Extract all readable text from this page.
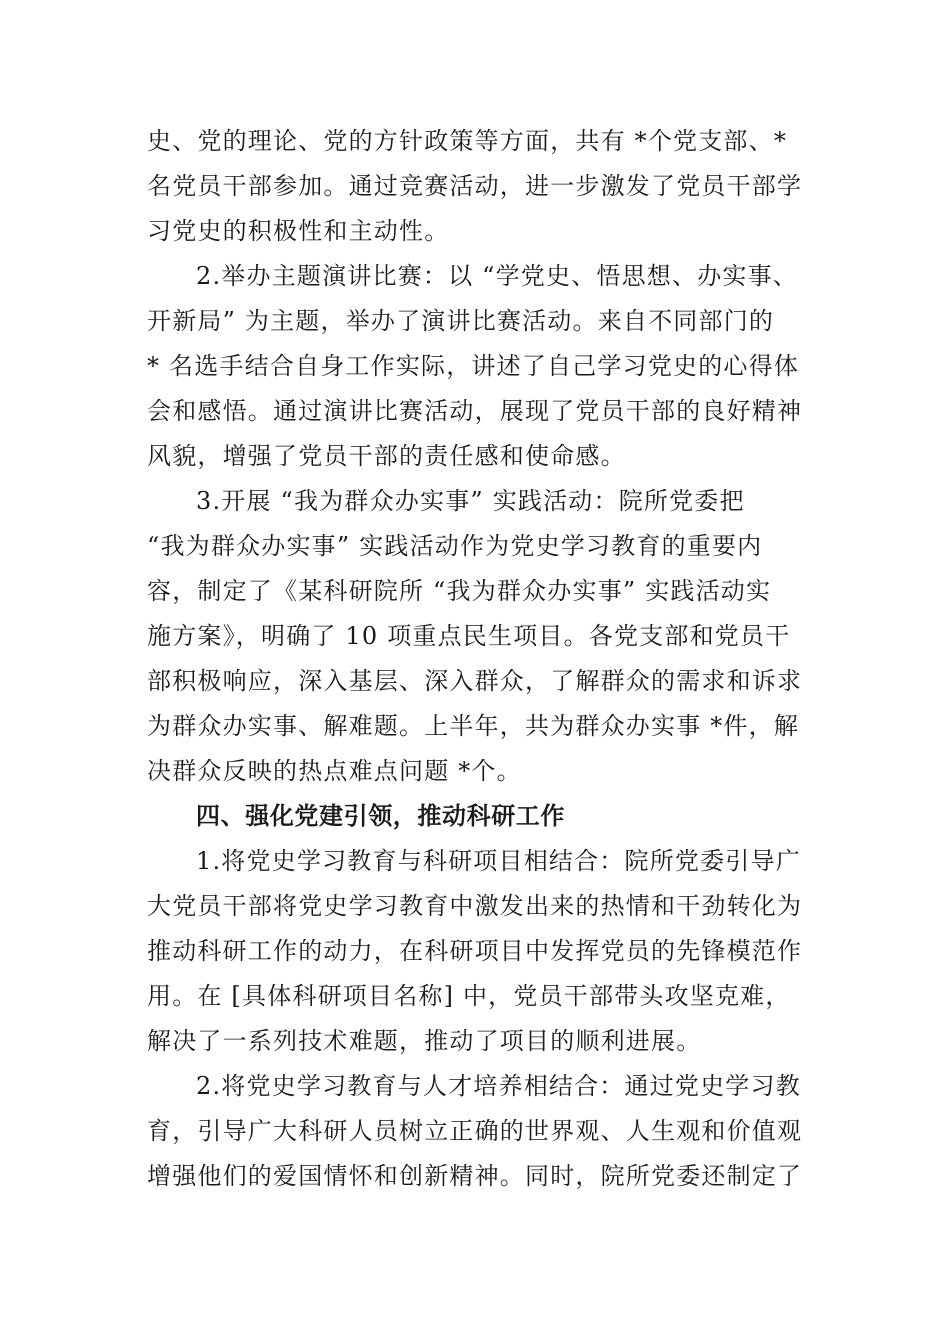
史、党的理论、党的方针政策等方面，共有 *个党支部、*
名党员干部参加。通过竞赛活动，进一步激发了党员干部学
习党史的积极性和主动性。
2.举办主题演讲比赛：以 “学党史、悟思想、办实事、
开新局” 为主题，举办了演讲比赛活动。来自不同部门的
* 名选手结合自身工作实际，讲述了自己学习党史的心得体
会和感悟。通过演讲比赛活动，展现了党员干部的良好精神
风貌，增强了党员干部的责任感和使命感。
3.开展 “我为群众办实事” 实践活动：院所党委把
“我为群众办实事” 实践活动作为党史学习教育的重要内
容，制定了《某科研院所 “我为群众办实事” 实践活动实
施方案》，明确了 10 项重点民生项目。各党支部和党员干
部积极响应，深入基层、深入群众，了解群众的需求和诉求
为群众办实事、解难题。上半年，共为群众办实事 *件，解
决群众反映的热点难点问题 *个。
四、强化党建引领，推动科研工作
1.将党史学习教育与科研项目相结合：院所党委引导广
大党员干部将党史学习教育中激发出来的热情和干劲转化为
推动科研工作的动力，在科研项目中发挥党员的先锋模范作
用。在 [具体科研项目名称] 中，党员干部带头攻坚克难，
解决了一系列技术难题，推动了项目的顺利进展。
2.将党史学习教育与人才培养相结合：通过党史学习教
育，引导广大科研人员树立正确的世界观、人生观和价值观
增强他们的爱国情怀和创新精神。同时，院所党委还制定了
